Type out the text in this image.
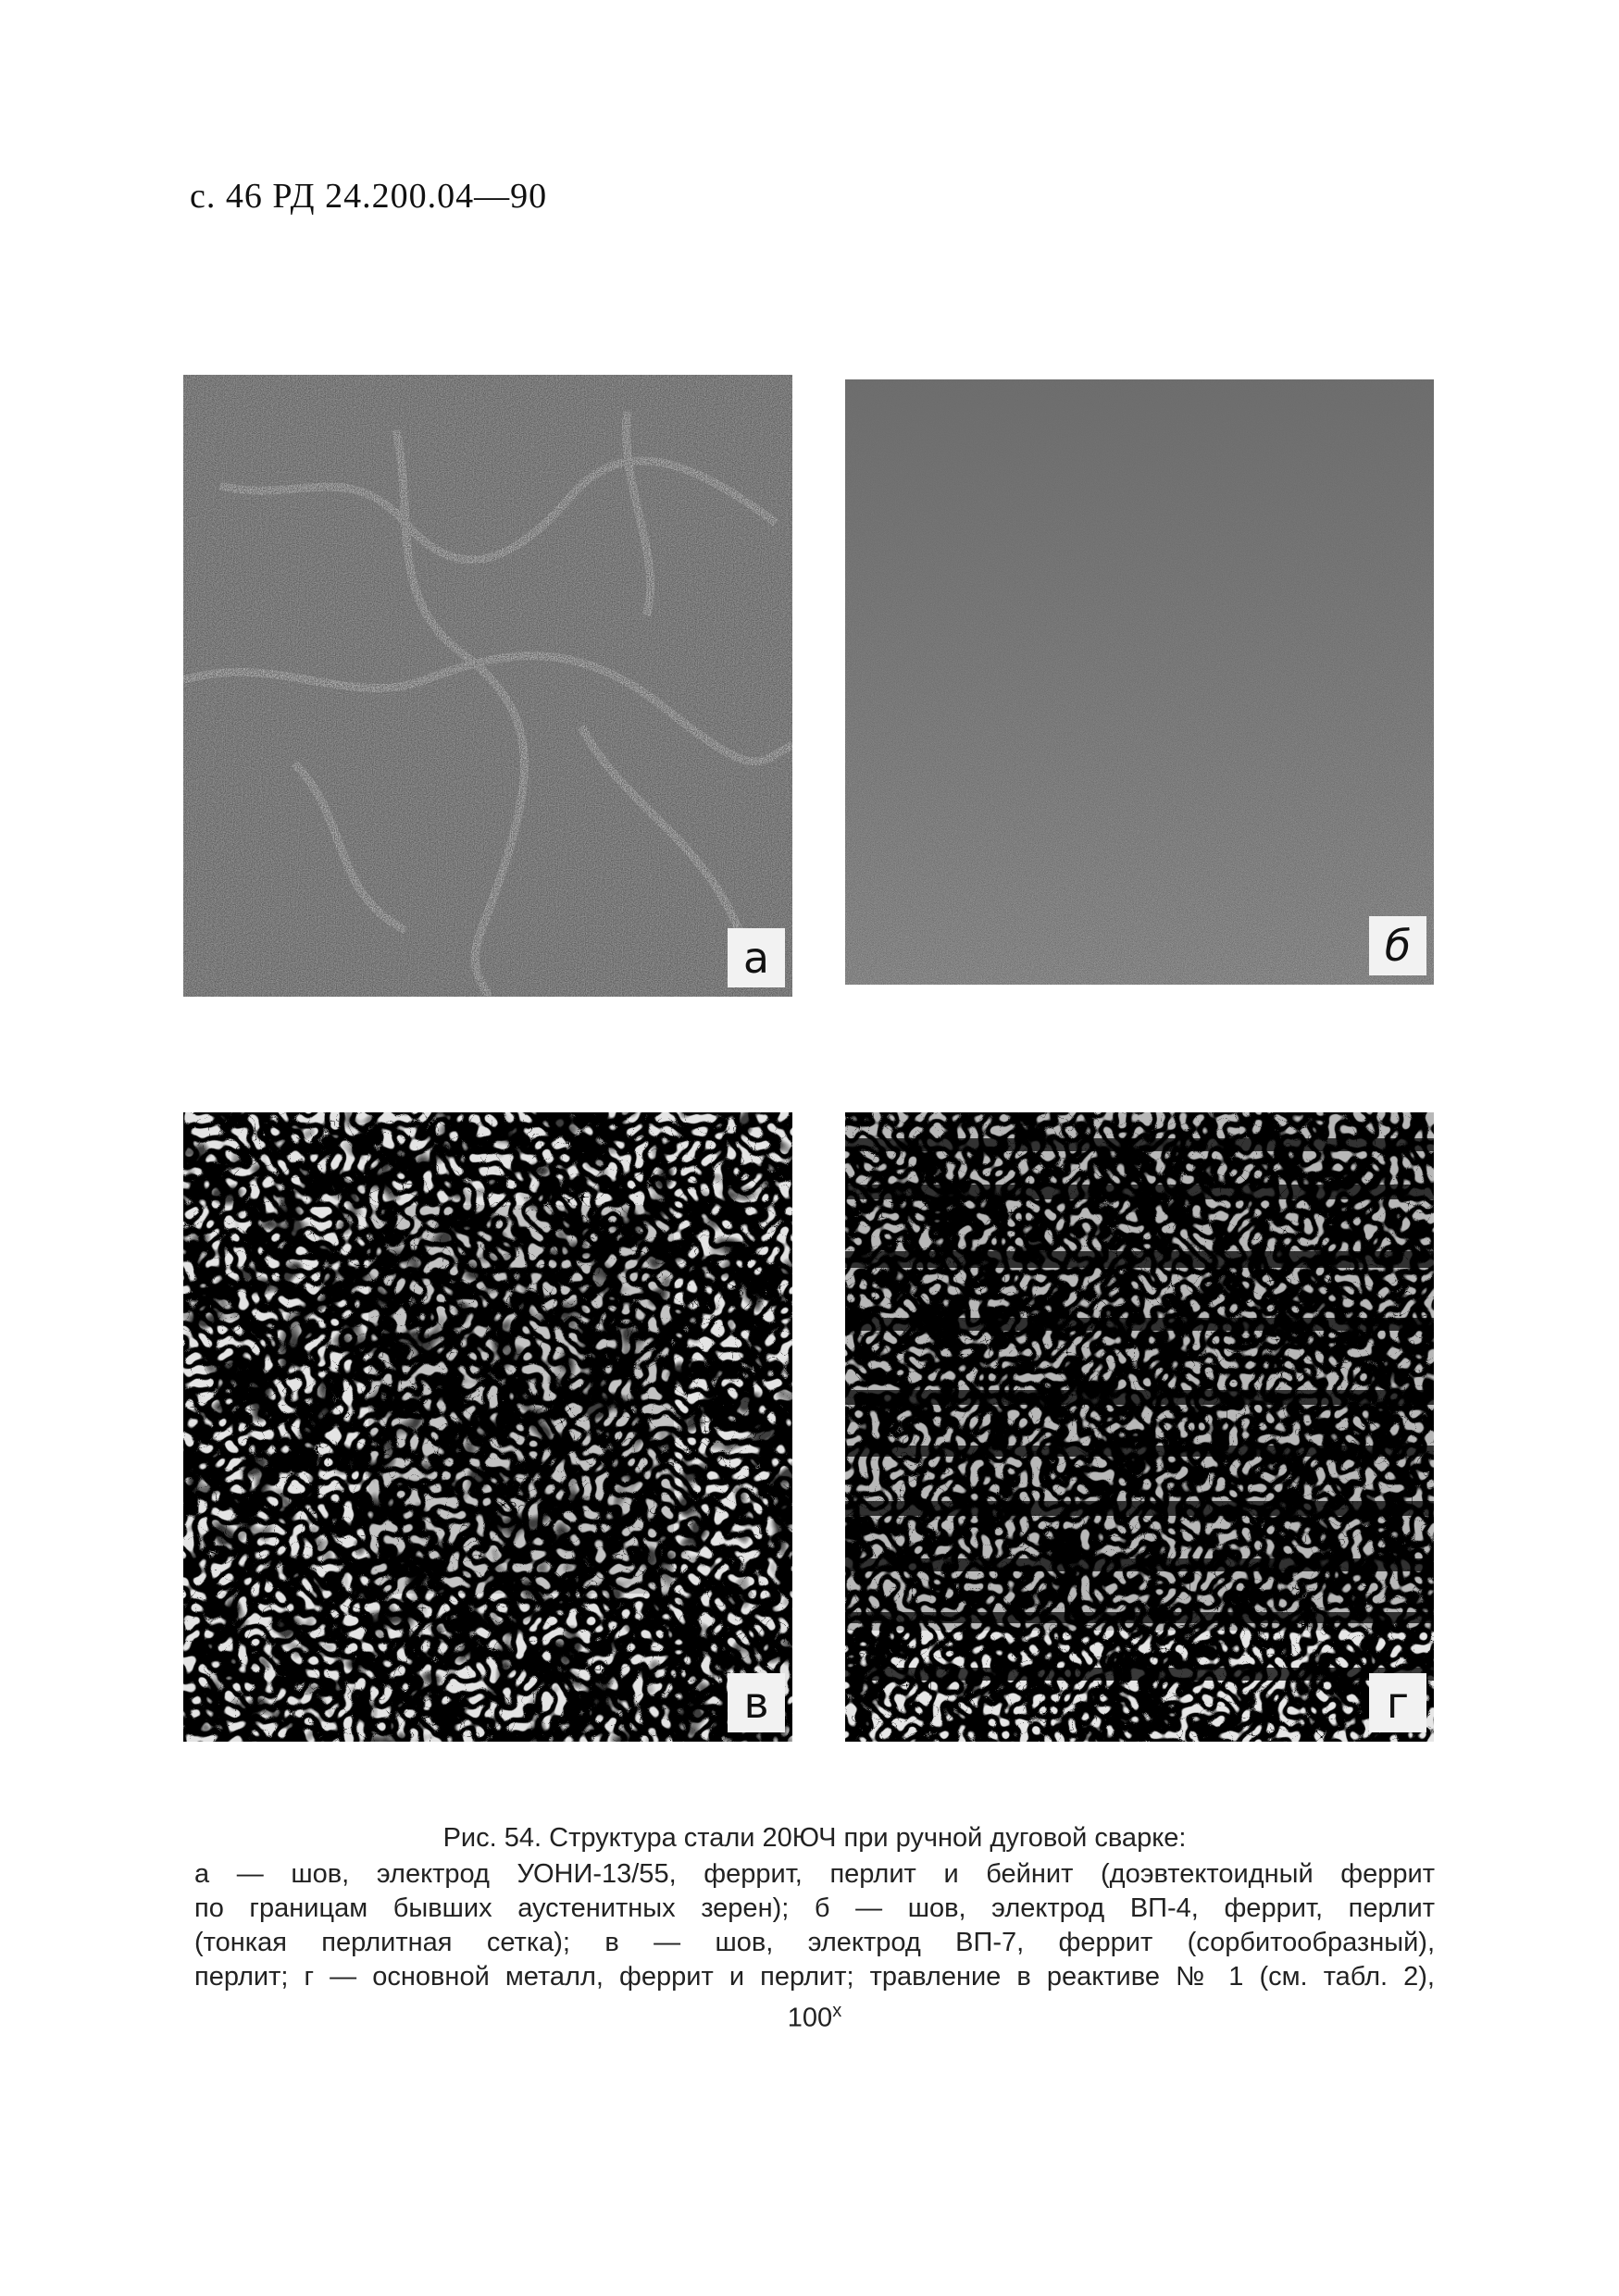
с. 46 РД 24.200.04—90
а	б
в	г
Рис. 54. Структура стали 20ЮЧ при ручной дуговой сварке:
а — шов, электрод УОНИ-13/55, феррит, перлит и бейнит (доэвтектоидный феррит
по границам бывших аустенитных зерен); б — шов, электрод ВП-4, феррит, перлит
(тонкая перлитная сетка); в — шов, электрод ВП-7, феррит (сорбитообразный),
перлит; г — основной металл, феррит и перлит; травление в реактиве № 1 (см. табл. 2),
100$^x$
